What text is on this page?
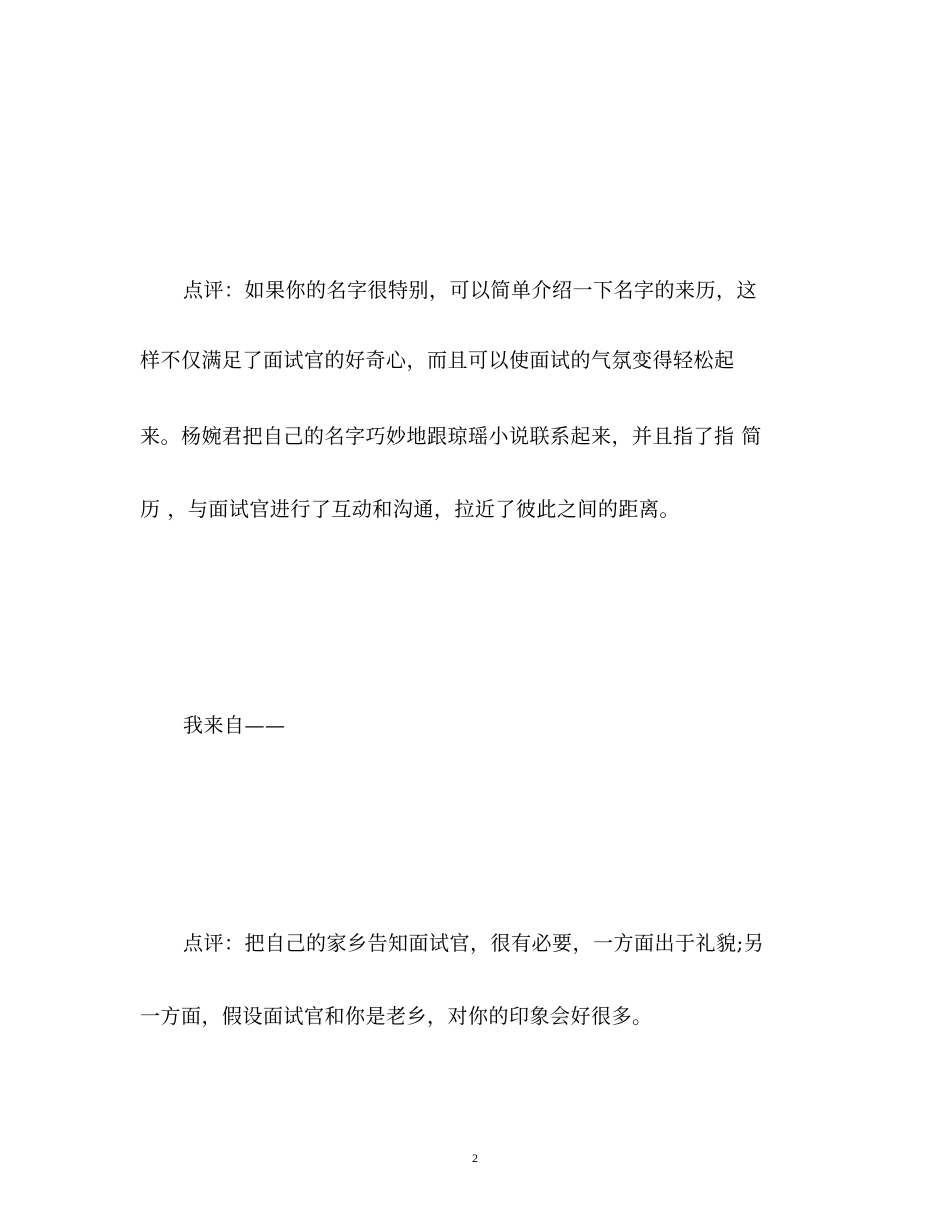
点评：如果你的名字很特别，可以简单介绍一下名字的来历，这
样不仅满足了面试官的好奇心，而且可以使面试的气氛变得轻松起
来。杨婉君把自己的名字巧妙地跟琼瑶小说联系起来，并且指了指 简
历 ，与面试官进行了互动和沟通，拉近了彼此之间的距离。
我来自——
点评：把自己的家乡告知面试官，很有必要，一方面出于礼貌;另
一方面，假设面试官和你是老乡，对你的印象会好很多。
2
